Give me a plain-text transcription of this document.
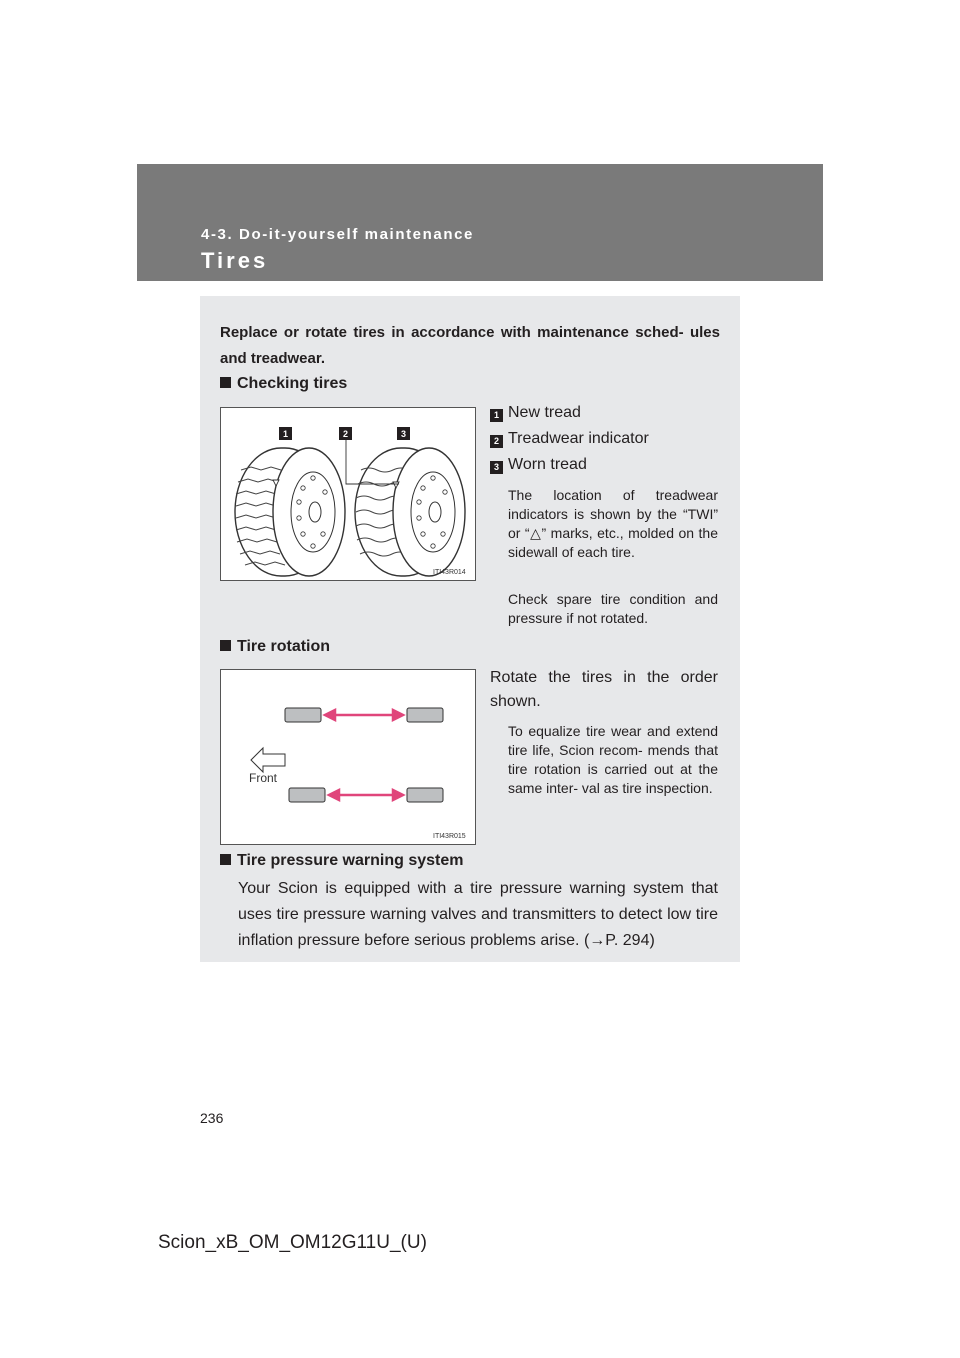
4-3. Do-it-yourself maintenance
Tires
Replace or rotate tires in accordance with maintenance sched- ules and treadwear.
Checking tires
1	2	3
ITI43R014
1 New tread
2 Treadwear indicator
3 Worn tread
The location of treadwear indicators is shown by the “TWI” or “△” marks, etc., molded on the sidewall of each tire.
Check spare tire condition and pressure if not rotated.
Tire rotation
Front
ITI43R015
Rotate the tires in the order shown.
To equalize tire wear and extend tire life, Scion recom- mends that tire rotation is carried out at the same inter- val as tire inspection.
Tire pressure warning system
Your Scion is equipped with a tire pressure warning system that uses tire pressure warning valves and transmitters to detect low tire inflation pressure before serious problems arise. (→P. 294)
236
Scion_xB_OM_OM12G11U_(U)
